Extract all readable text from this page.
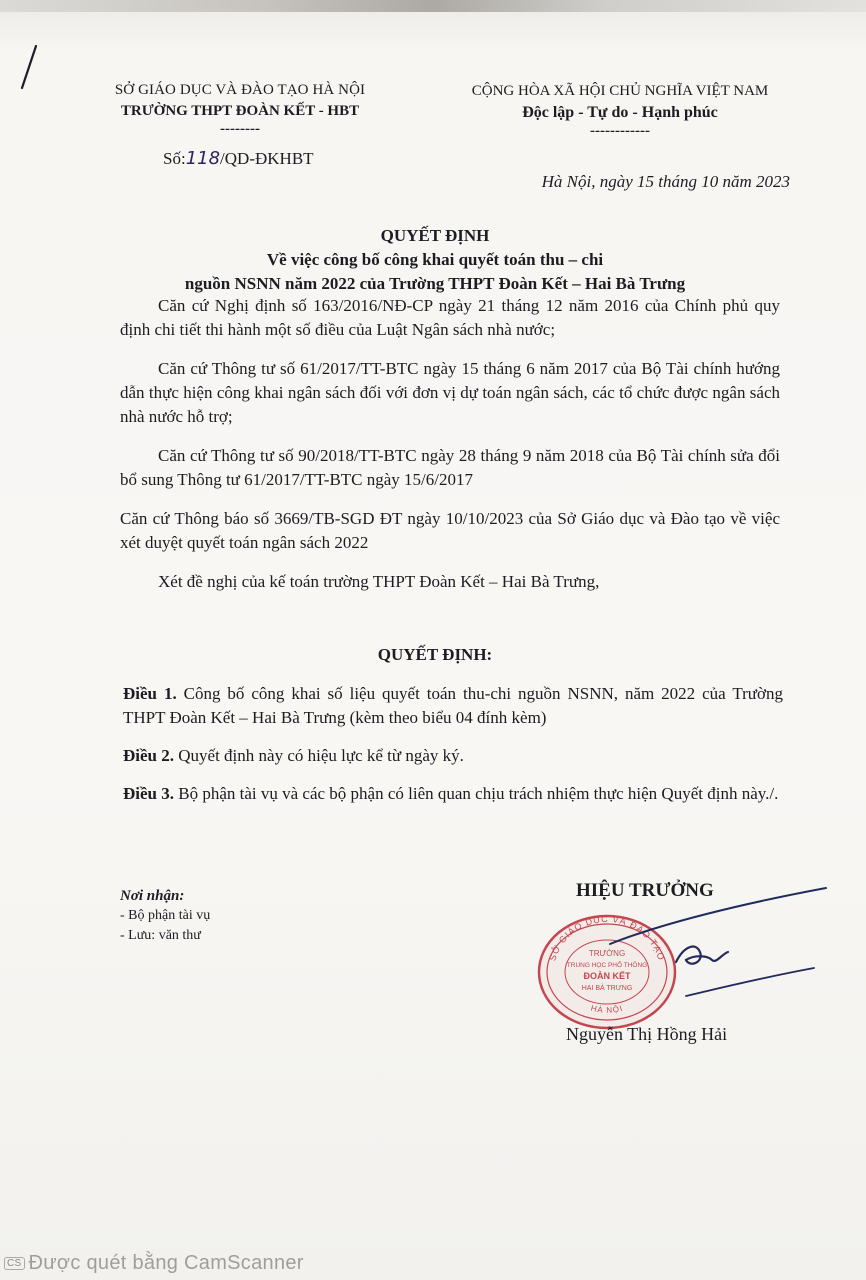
SỞ GIÁO DỤC VÀ ĐÀO TẠO HÀ NỘI
TRƯỜNG THPT ĐOÀN KẾT - HBT
--------
CỘNG HÒA XÃ HỘI CHỦ NGHĨA VIỆT NAM
Độc lập - Tự do - Hạnh phúc
------------
Số:118/QD-ĐKHBT
Hà Nội, ngày 15 tháng 10 năm 2023
QUYẾT ĐỊNH
Về việc công bố công khai quyết toán thu – chi
nguồn NSNN năm 2022 của Trường THPT Đoàn Kết – Hai Bà Trưng

Căn cứ Nghị định số 163/2016/NĐ-CP ngày 21 tháng 12 năm 2016 của Chính phủ quy định chi tiết thi hành một số điều của Luật Ngân sách nhà nước;

Căn cứ Thông tư số 61/2017/TT-BTC ngày 15 tháng 6 năm 2017 của Bộ Tài chính hướng dẫn thực hiện công khai ngân sách đối với đơn vị dự toán ngân sách, các tổ chức được ngân sách nhà nước hỗ trợ;

Căn cứ Thông tư số 90/2018/TT-BTC ngày 28 tháng 9 năm 2018 của Bộ Tài chính sửa đổi bổ sung Thông tư 61/2017/TT-BTC ngày 15/6/2017

Căn cứ Thông báo số 3669/TB-SGD ĐT ngày 10/10/2023 của Sở Giáo dục và Đào tạo về việc xét duyệt quyết toán ngân sách 2022

Xét đề nghị của kế toán trường THPT Đoàn Kết – Hai Bà Trưng,

QUYẾT ĐỊNH:

Điều 1. Công bố công khai số liệu quyết toán thu-chi nguồn NSNN, năm 2022 của Trường THPT Đoàn Kết – Hai Bà Trưng (kèm theo biểu 04 đính kèm)

Điều 2. Quyết định này có hiệu lực kể từ ngày ký.

Điều 3. Bộ phận tài vụ và các bộ phận có liên quan chịu trách nhiệm thực hiện Quyết định này./.

Nơi nhận:
- Bộ phận tài vụ
- Lưu: văn thư
HIỆU TRƯỞNG
SỞ GIÁO DỤC VÀ ĐÀO TẠO
TRƯỜNG
TRUNG HỌC PHỔ THÔNG
ĐOÀN KẾT
HAI BÀ TRƯNG
HÀ NỘI
Nguyễn Thị Hồng Hải
CS Được quét bằng CamScanner
